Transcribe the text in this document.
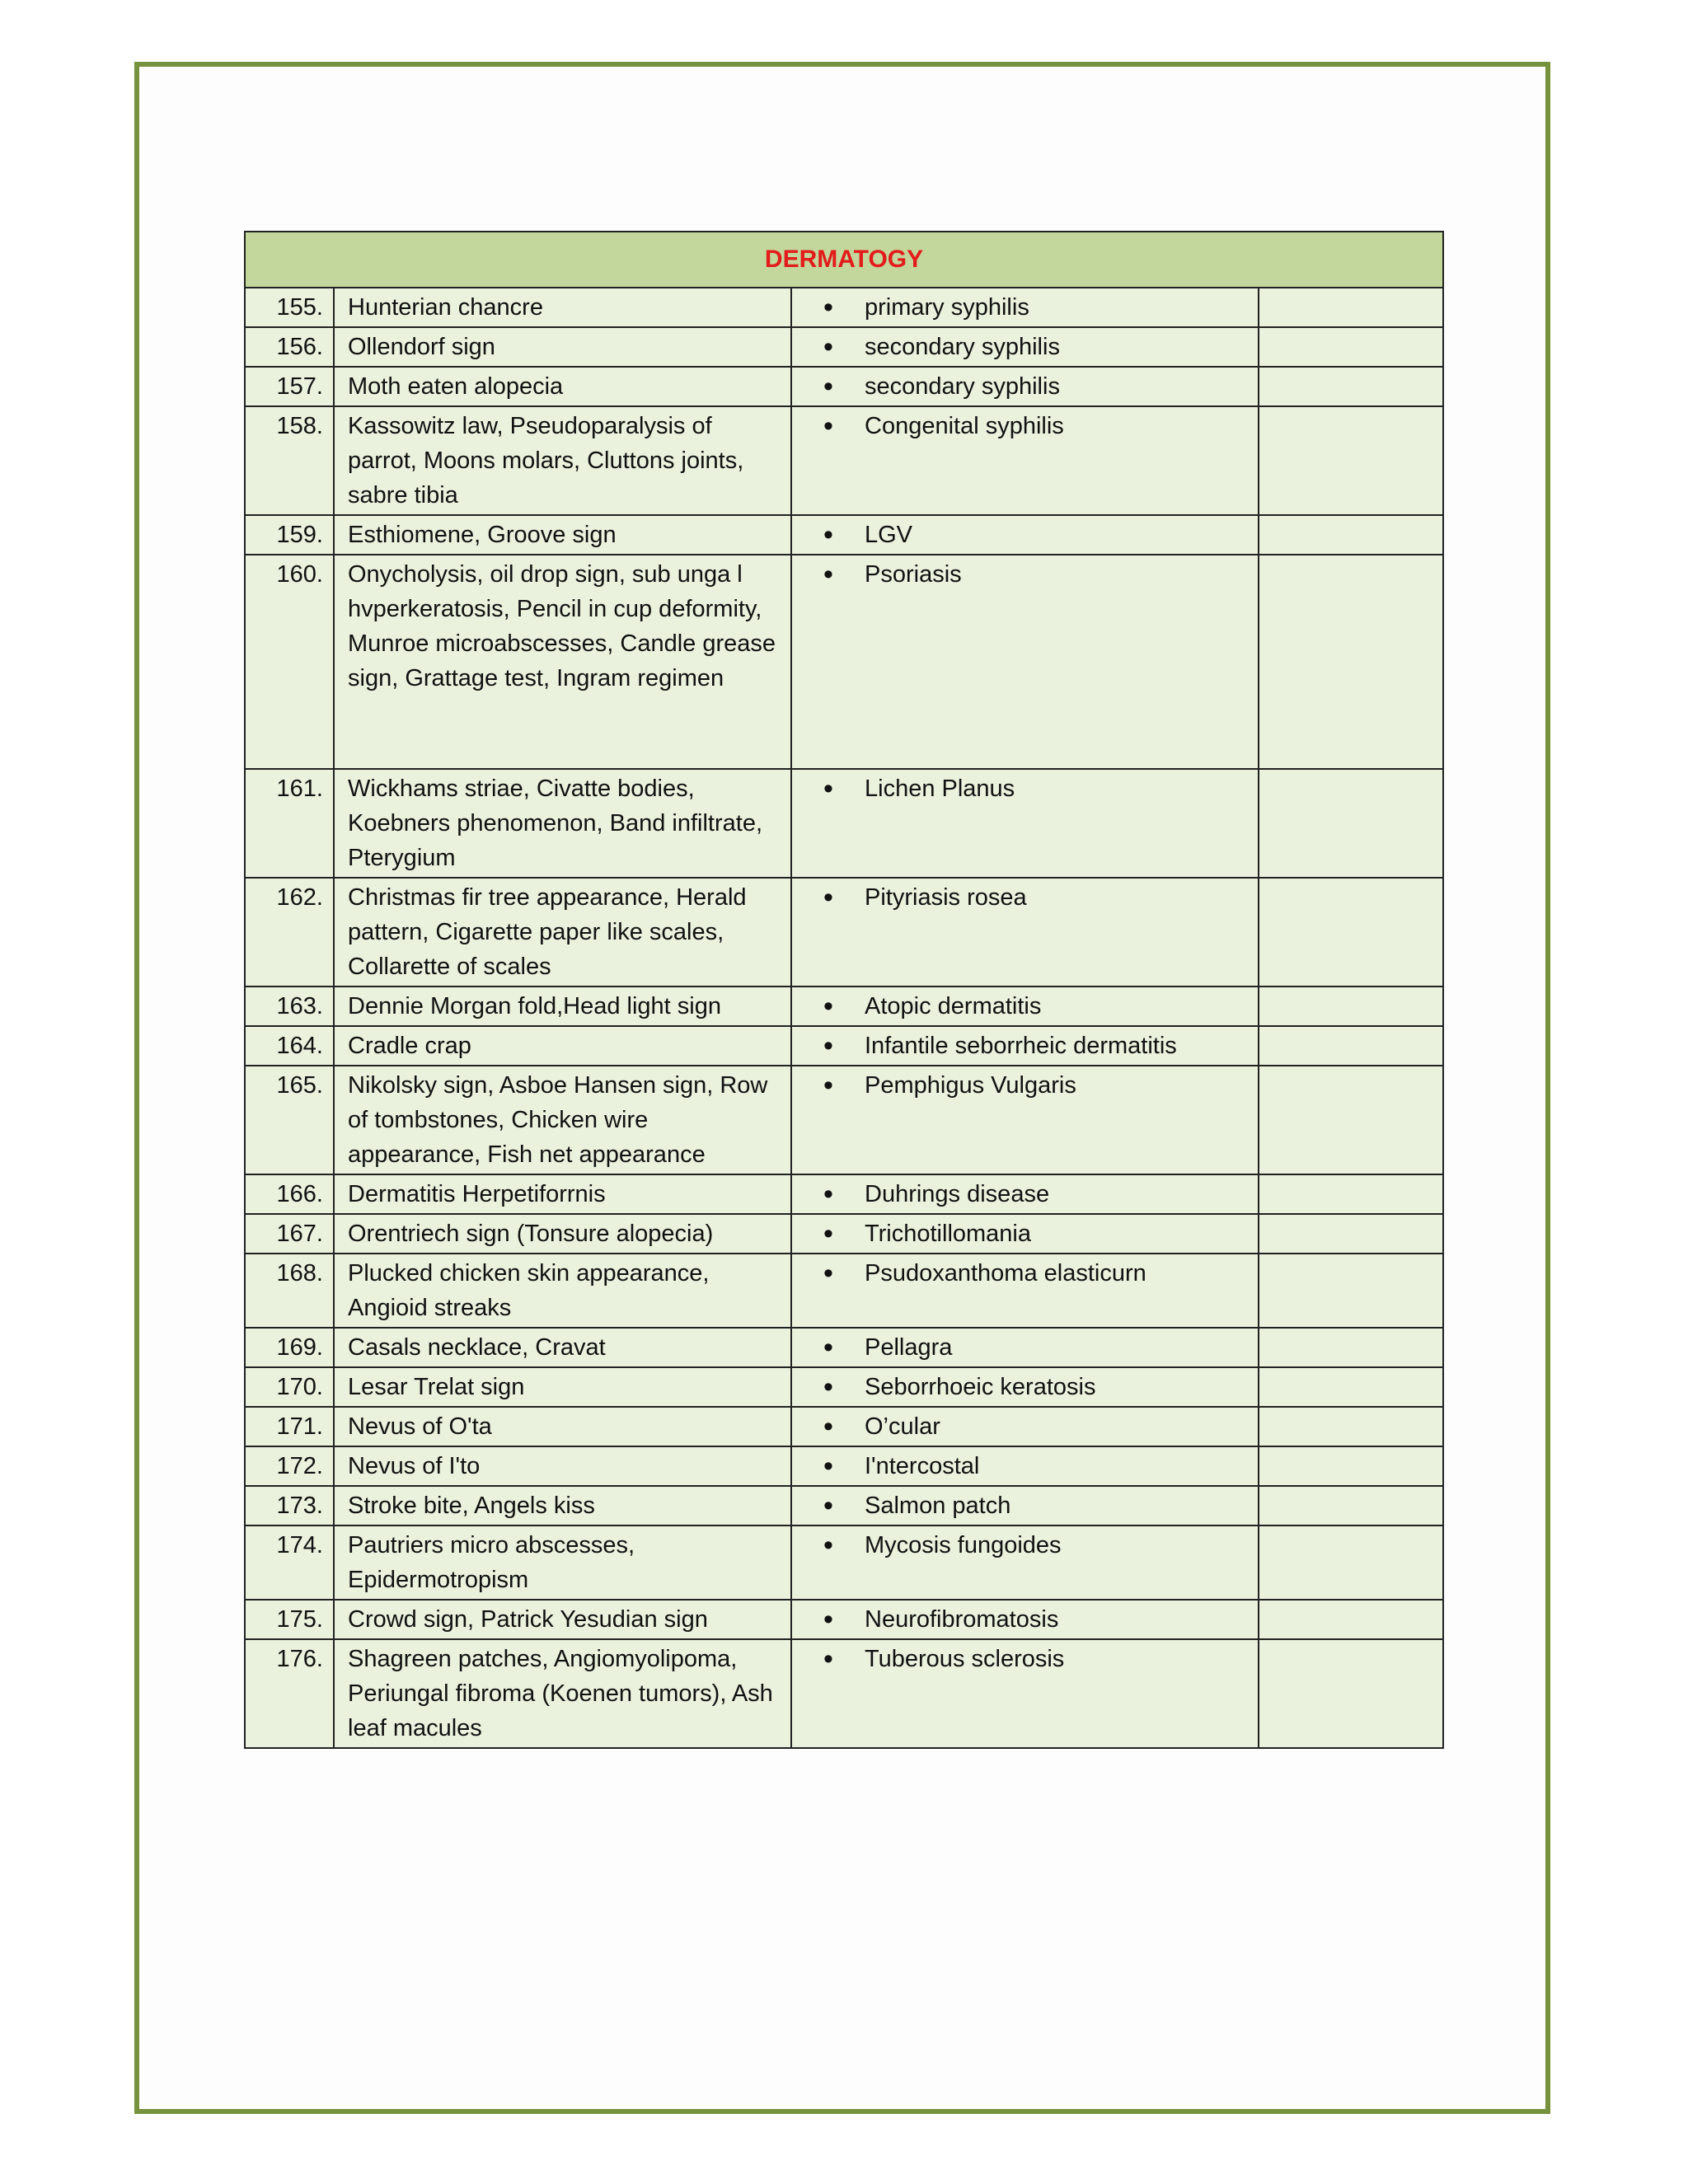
DERMATOGY			
155.	Hunterian chancre	• primary syphilis	

156.	Ollendorf sign	• secondary syphilis	

157.	Moth eaten alopecia	• secondary syphilis	

158.	Kassowitz law, Pseudoparalysis of parrot, Moons molars, Cluttons joints, sabre tibia	• Congenital syphilis	

159.	Esthiomene, Groove sign	• LGV	

160.	Onycholysis, oil drop sign, sub unga l hvperkeratosis, Pencil in cup deformity, Munroe microabscesses, Candle grease sign, Grattage test, Ingram regimen	• Psoriasis	

161.	Wickhams striae, Civatte bodies, Koebners phenomenon, Band infiltrate, Pterygium	• Lichen Planus	

162.	Christmas fir tree appearance, Herald pattern, Cigarette paper like scales, Collarette of scales	• Pityriasis rosea	

163.	Dennie Morgan fold,Head light sign	• Atopic dermatitis	

164.	Cradle crap	• Infantile seborrheic dermatitis	

165.	Nikolsky sign, Asboe Hansen sign, Row of tombstones, Chicken wire appearance, Fish net appearance	• Pemphigus Vulgaris	

166.	Dermatitis Herpetiforrnis	• Duhrings disease	

167.	Orentriech sign (Tonsure alopecia)	• Trichotillomania	

168.	Plucked chicken skin appearance, Angioid streaks	• Psudoxanthoma elasticurn	

169.	Casals necklace, Cravat	• Pellagra	

170.	Lesar Trelat sign	• Seborrhoeic keratosis	

171.	Nevus of O'ta	• O’cular	

172.	Nevus of I'to	• I'ntercostal	

173.	Stroke bite, Angels kiss	• Salmon patch	

174.	Pautriers micro abscesses, Epidermotropism	• Mycosis fungoides	

175.	Crowd sign, Patrick Yesudian sign	• Neurofibromatosis	

176.	Shagreen patches, Angiomyolipoma, Periungal fibroma (Koenen tumors), Ash leaf macules	• Tuberous sclerosis	
